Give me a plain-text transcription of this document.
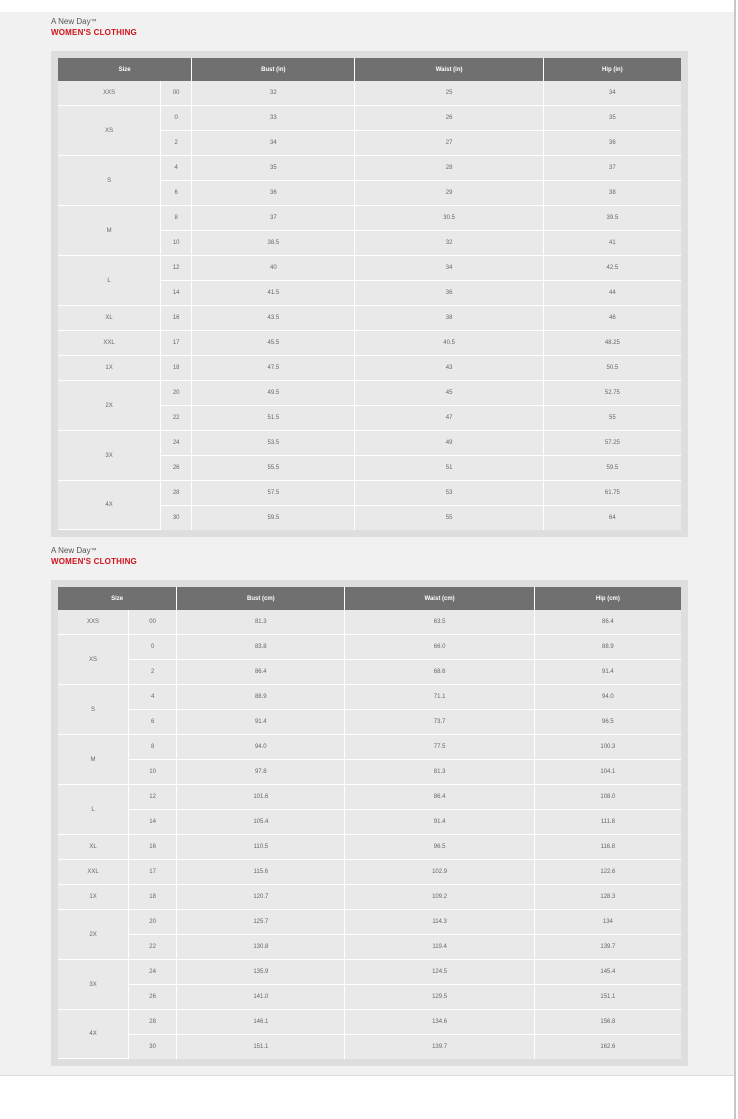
A New Day™
WOMEN'S CLOTHING
Size		Bust (in)	Waist (in)	Hip (in)
XXS	00	32	25	34
XS	0	33	26	35
	2	34	27	36
S	4	35	28	37
	6	36	29	38
M	8	37	30.5	39.5
	10	38.5	32	41
L	12	40	34	42.5
	14	41.5	36	44
XL	16	43.5	38	46
XXL	17	45.5	40.5	48.25
1X	18	47.5	43	50.5
2X	20	49.5	45	52.75
	22	51.5	47	55
3X	24	53.5	49	57.25
	26	55.5	51	59.5
4X	28	57.5	53	61.75
	30	59.5	55	64
A New Day™
WOMEN'S CLOTHING
Size		Bust (cm)	Waist (cm)	Hip (cm)
XXS	00	81.3	63.5	86.4
XS	0	83.8	66.0	88.9
	2	86.4	68.6	91.4
S	4	88.9	71.1	94.0
	6	91.4	73.7	96.5
M	8	94.0	77.5	100.3
	10	97.8	81.3	104.1
L	12	101.6	86.4	108.0
	14	105.4	91.4	111.8
XL	16	110.5	96.5	116.8
XXL	17	115.6	102.9	122.6
1X	18	120.7	109.2	128.3
2X	20	125.7	114.3	134
	22	130.8	119.4	139.7
3X	24	135.9	124.5	145.4
	26	141.0	129.5	151.1
4X	28	146.1	134.6	156.8
	30	151.1	139.7	162.6
